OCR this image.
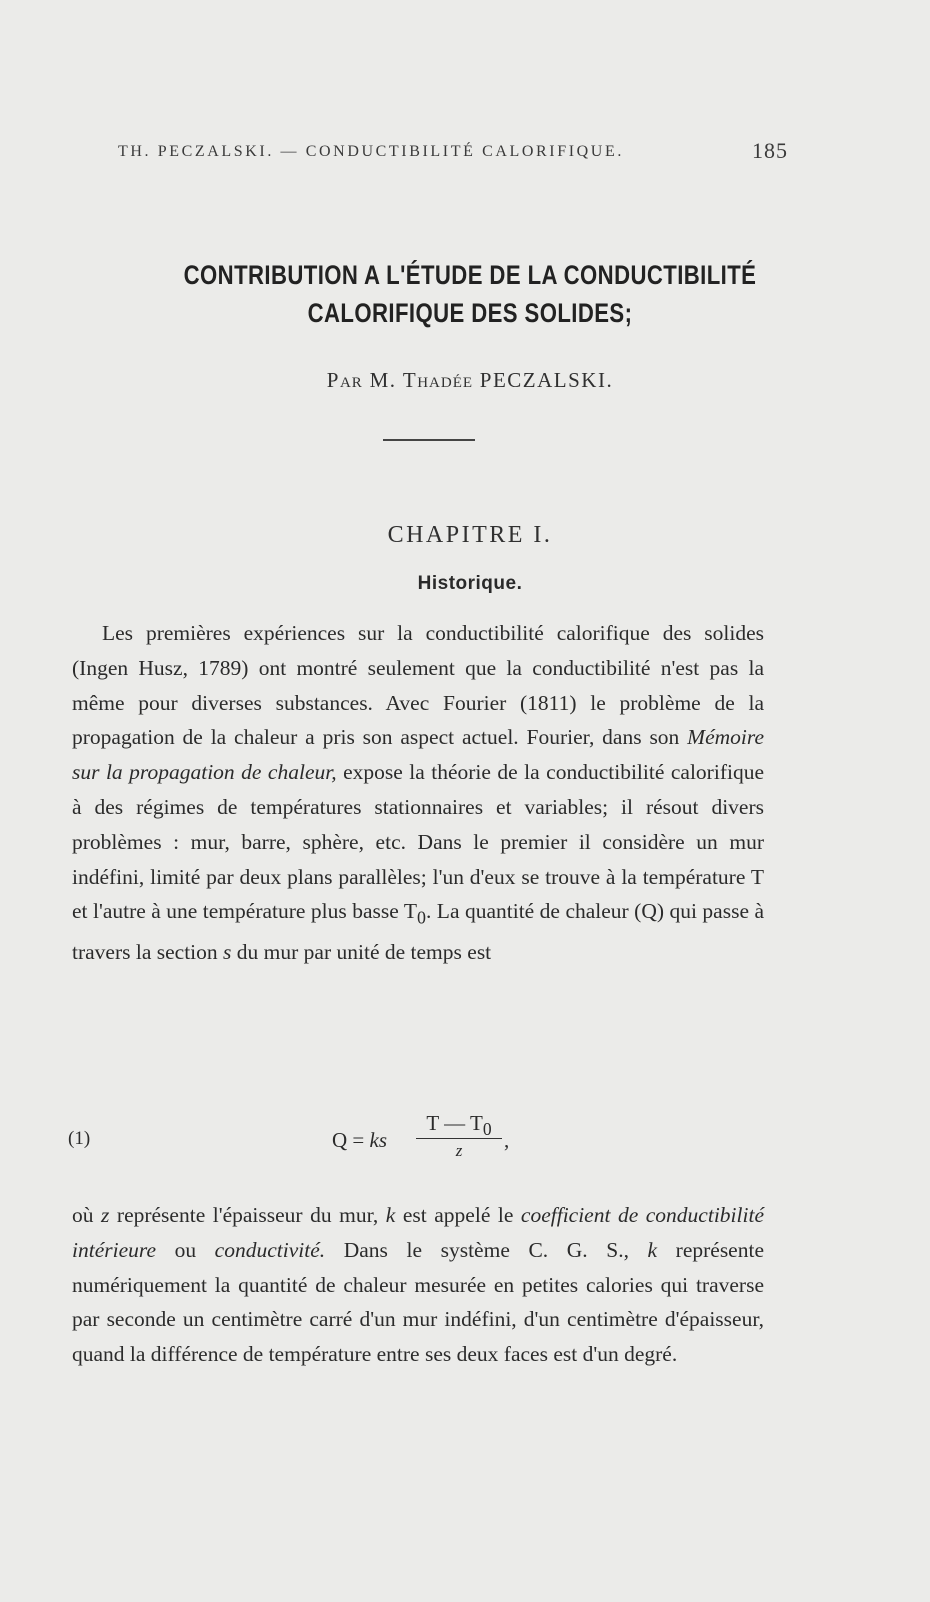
TH. PECZALSKI. — CONDUCTIBILITÉ CALORIFIQUE.	185
CONTRIBUTION A L'ÉTUDE DE LA CONDUCTIBILITÉ
CALORIFIQUE DES SOLIDES;
PAR M. THADÉE PECZALSKI.
CHAPITRE I.
Historique.
Les premières expériences sur la conductibilité calorifique des solides (Ingen Husz, 1789) ont montré seulement que la conductibilité n'est pas la même pour diverses substances. Avec Fourier (1811) le problème de la propagation de la chaleur a pris son aspect actuel. Fourier, dans son Mémoire sur la propagation de chaleur, expose la théorie de la conductibilité calorifique à des régimes de températures stationnaires et variables; il résout divers problèmes : mur, barre, sphère, etc. Dans le premier il considère un mur indéfini, limité par deux plans parallèles; l'un d'eux se trouve à la température T et l'autre à une température plus basse $T_0$. La quantité de chaleur (Q) qui passe à travers la section s du mur par unité de temps est
(1)	Q = ks
T — $T_0$
z	,
où z représente l'épaisseur du mur, k est appelé le coefficient de conductibilité intérieure ou conductivité. Dans le système C. G. S., k représente numériquement la quantité de chaleur mesurée en petites calories qui traverse par seconde un centimètre carré d'un mur indéfini, d'un centimètre d'épaisseur, quand la différence de température entre ses deux faces est d'un degré.
